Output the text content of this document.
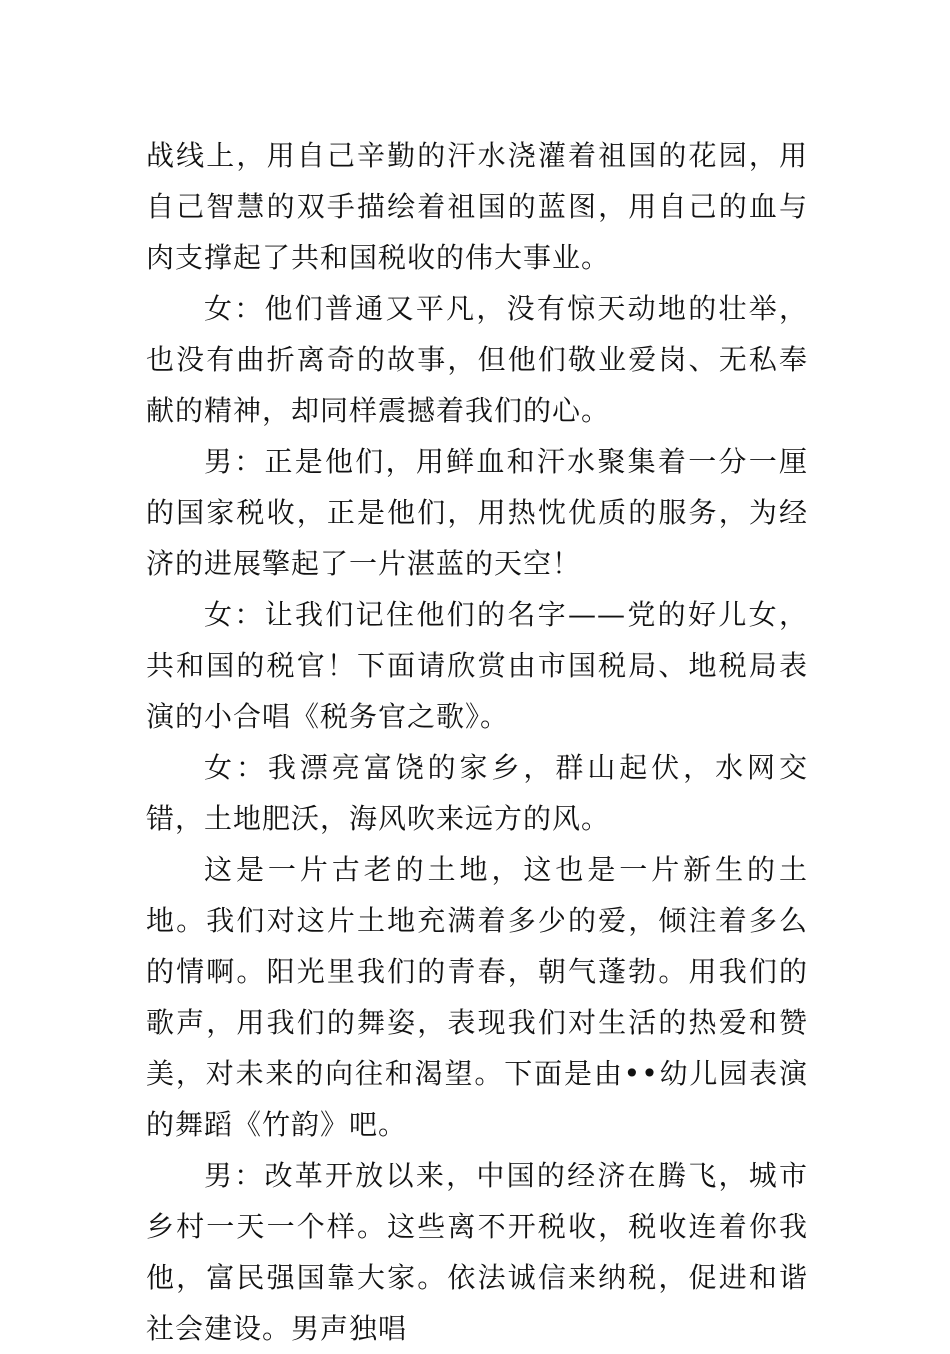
战线上，用自己辛勤的汗水浇灌着祖国的花园，用自己智慧的双手描绘着祖国的蓝图，用自己的血与肉支撑起了共和国税收的伟大事业。

女：他们普通又平凡，没有惊天动地的壮举，也没有曲折离奇的故事，但他们敬业爱岗、无私奉献的精神，却同样震撼着我们的心。

男：正是他们，用鲜血和汗水聚集着一分一厘的国家税收，正是他们，用热忱优质的服务，为经济的进展擎起了一片湛蓝的天空！

女：让我们记住他们的名字——党的好儿女，共和国的税官！下面请欣赏由市国税局、地税局表演的小合唱《税务官之歌》。

女：我漂亮富饶的家乡，群山起伏，水网交错，土地肥沃，海风吹来远方的风。

这是一片古老的土地，这也是一片新生的土地。我们对这片土地充满着多少的爱，倾注着多么的情啊。阳光里我们的青春，朝气蓬勃。用我们的歌声，用我们的舞姿，表现我们对生活的热爱和赞美，对未来的向往和渴望。下面是由••幼儿园表演的舞蹈《竹韵》吧。

男：改革开放以来，中国的经济在腾飞，城市乡村一天一个样。这些离不开税收，税收连着你我他，富民强国靠大家。依法诚信来纳税，促进和谐社会建设。男声独唱
